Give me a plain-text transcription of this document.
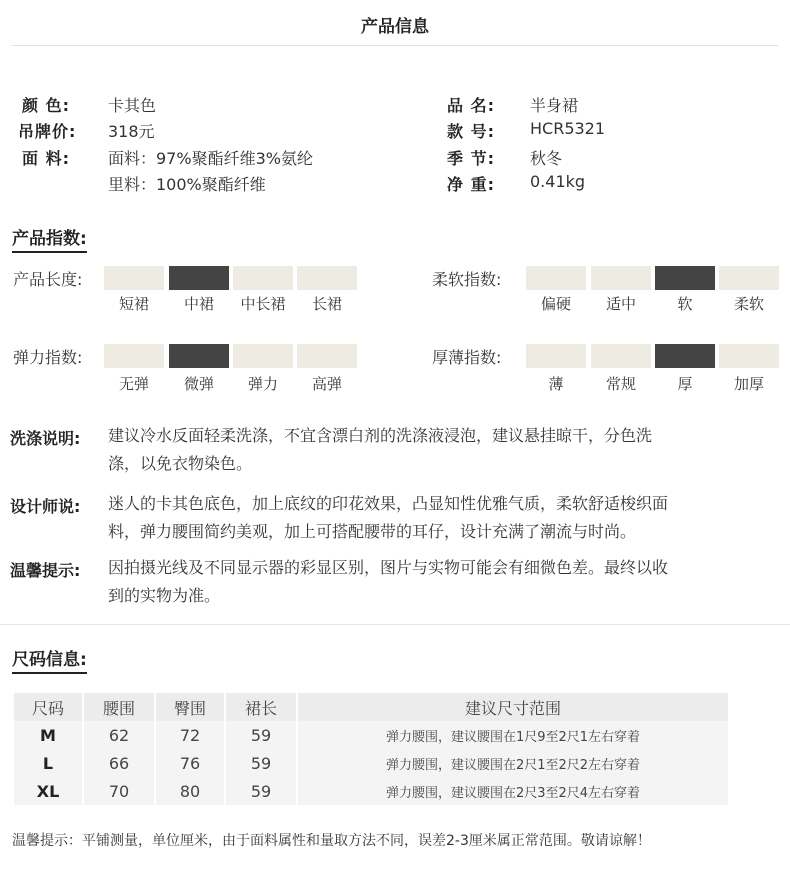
产品信息
颜 色: 卡其色
吊牌价: 318元
面 料: 面料：97%聚酯纤维3%氨纶
里料：100%聚酯纤维
品 名: 半身裙
款 号: HCR5321
季 节: 秋冬
净 重: 0.41kg
产品指数:
产品长度:
短裙	中裙	中长裙	长裙
柔软指数:
偏硬	适中	软	柔软
弹力指数:
无弹	微弹	弹力	高弹
厚薄指数:
薄	常规	厚	加厚
洗涤说明: 建议冷水反面轻柔洗涤，不宜含漂白剂的洗涤液浸泡，建议悬挂晾干，分色洗
涤，以免衣物染色。
设计师说: 迷人的卡其色底色，加上底纹的印花效果，凸显知性优雅气质，柔软舒适梭织面
料，弹力腰围简约美观，加上可搭配腰带的耳仔，设计充满了潮流与时尚。
温馨提示: 因拍摄光线及不同显示器的彩显区别，图片与实物可能会有细微色差。最终以收
到的实物为准。
尺码信息:
尺码	腰围	臀围	裙长	建议尺寸范围
M	62	72	59	弹力腰围，建议腰围在1尺9至2尺1左右穿着
L	66	76	59	弹力腰围，建议腰围在2尺1至2尺2左右穿着
XL	70	80	59	弹力腰围，建议腰围在2尺3至2尺4左右穿着
温馨提示：平铺测量，单位厘米，由于面料属性和量取方法不同，误差2-3厘米属正常范围。敬请谅解！
